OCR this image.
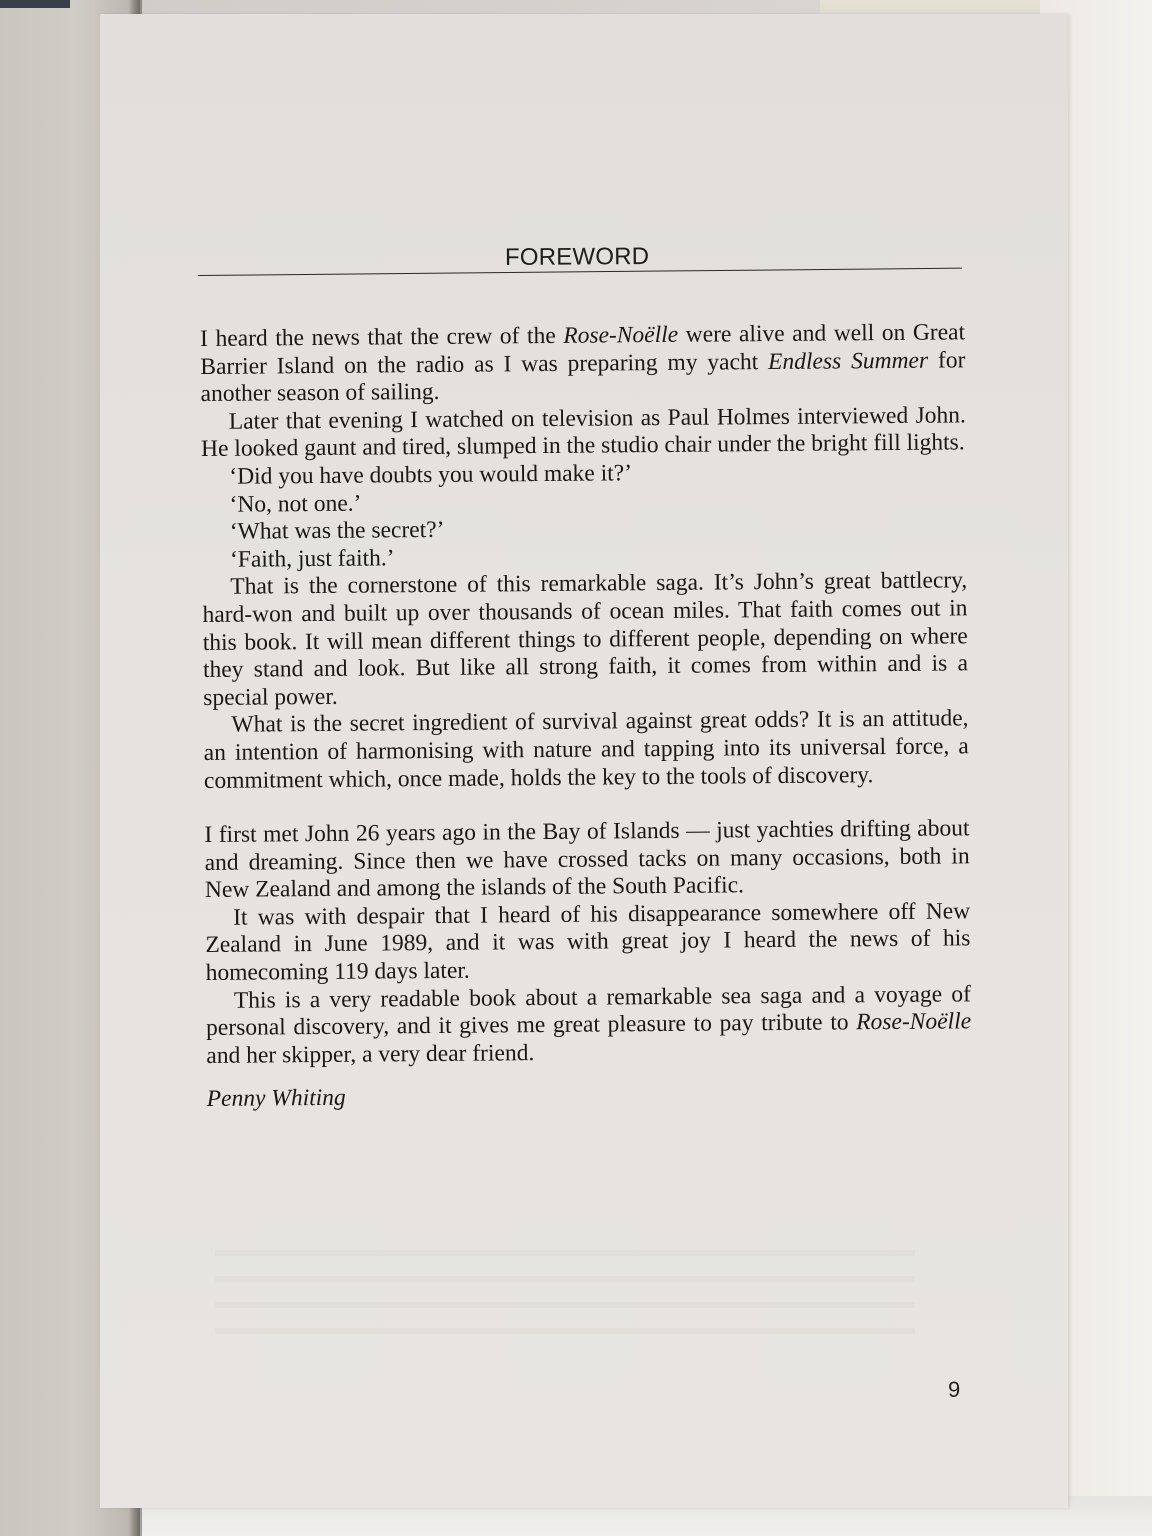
FOREWORD

I heard the news that the crew of the Rose-Noëlle were alive and well on Great Barrier Island on the radio as I was preparing my yacht Endless Summer for another season of sailing.

Later that evening I watched on television as Paul Holmes interviewed John. He looked gaunt and tired, slumped in the studio chair under the bright fill lights.

‘Did you have doubts you would make it?’

‘No, not one.’

‘What was the secret?’

‘Faith, just faith.’

That is the cornerstone of this remarkable saga. It’s John’s great battlecry, hard-won and built up over thousands of ocean miles. That faith comes out in this book. It will mean different things to different people, depending on where they stand and look. But like all strong faith, it comes from within and is a special power.

What is the secret ingredient of survival against great odds? It is an attitude, an intention of harmonising with nature and tapping into its universal force, a commitment which, once made, holds the key to the tools of discovery.

I first met John 26 years ago in the Bay of Islands — just yachties drifting about and dreaming. Since then we have crossed tacks on many occasions, both in New Zealand and among the islands of the South Pacific.

It was with despair that I heard of his disappearance somewhere off New Zealand in June 1989, and it was with great joy I heard the news of his homecoming 119 days later.

This is a very readable book about a remarkable sea saga and a voyage of personal discovery, and it gives me great pleasure to pay tribute to Rose-Noëlle and her skipper, a very dear friend.

Penny Whiting

9
